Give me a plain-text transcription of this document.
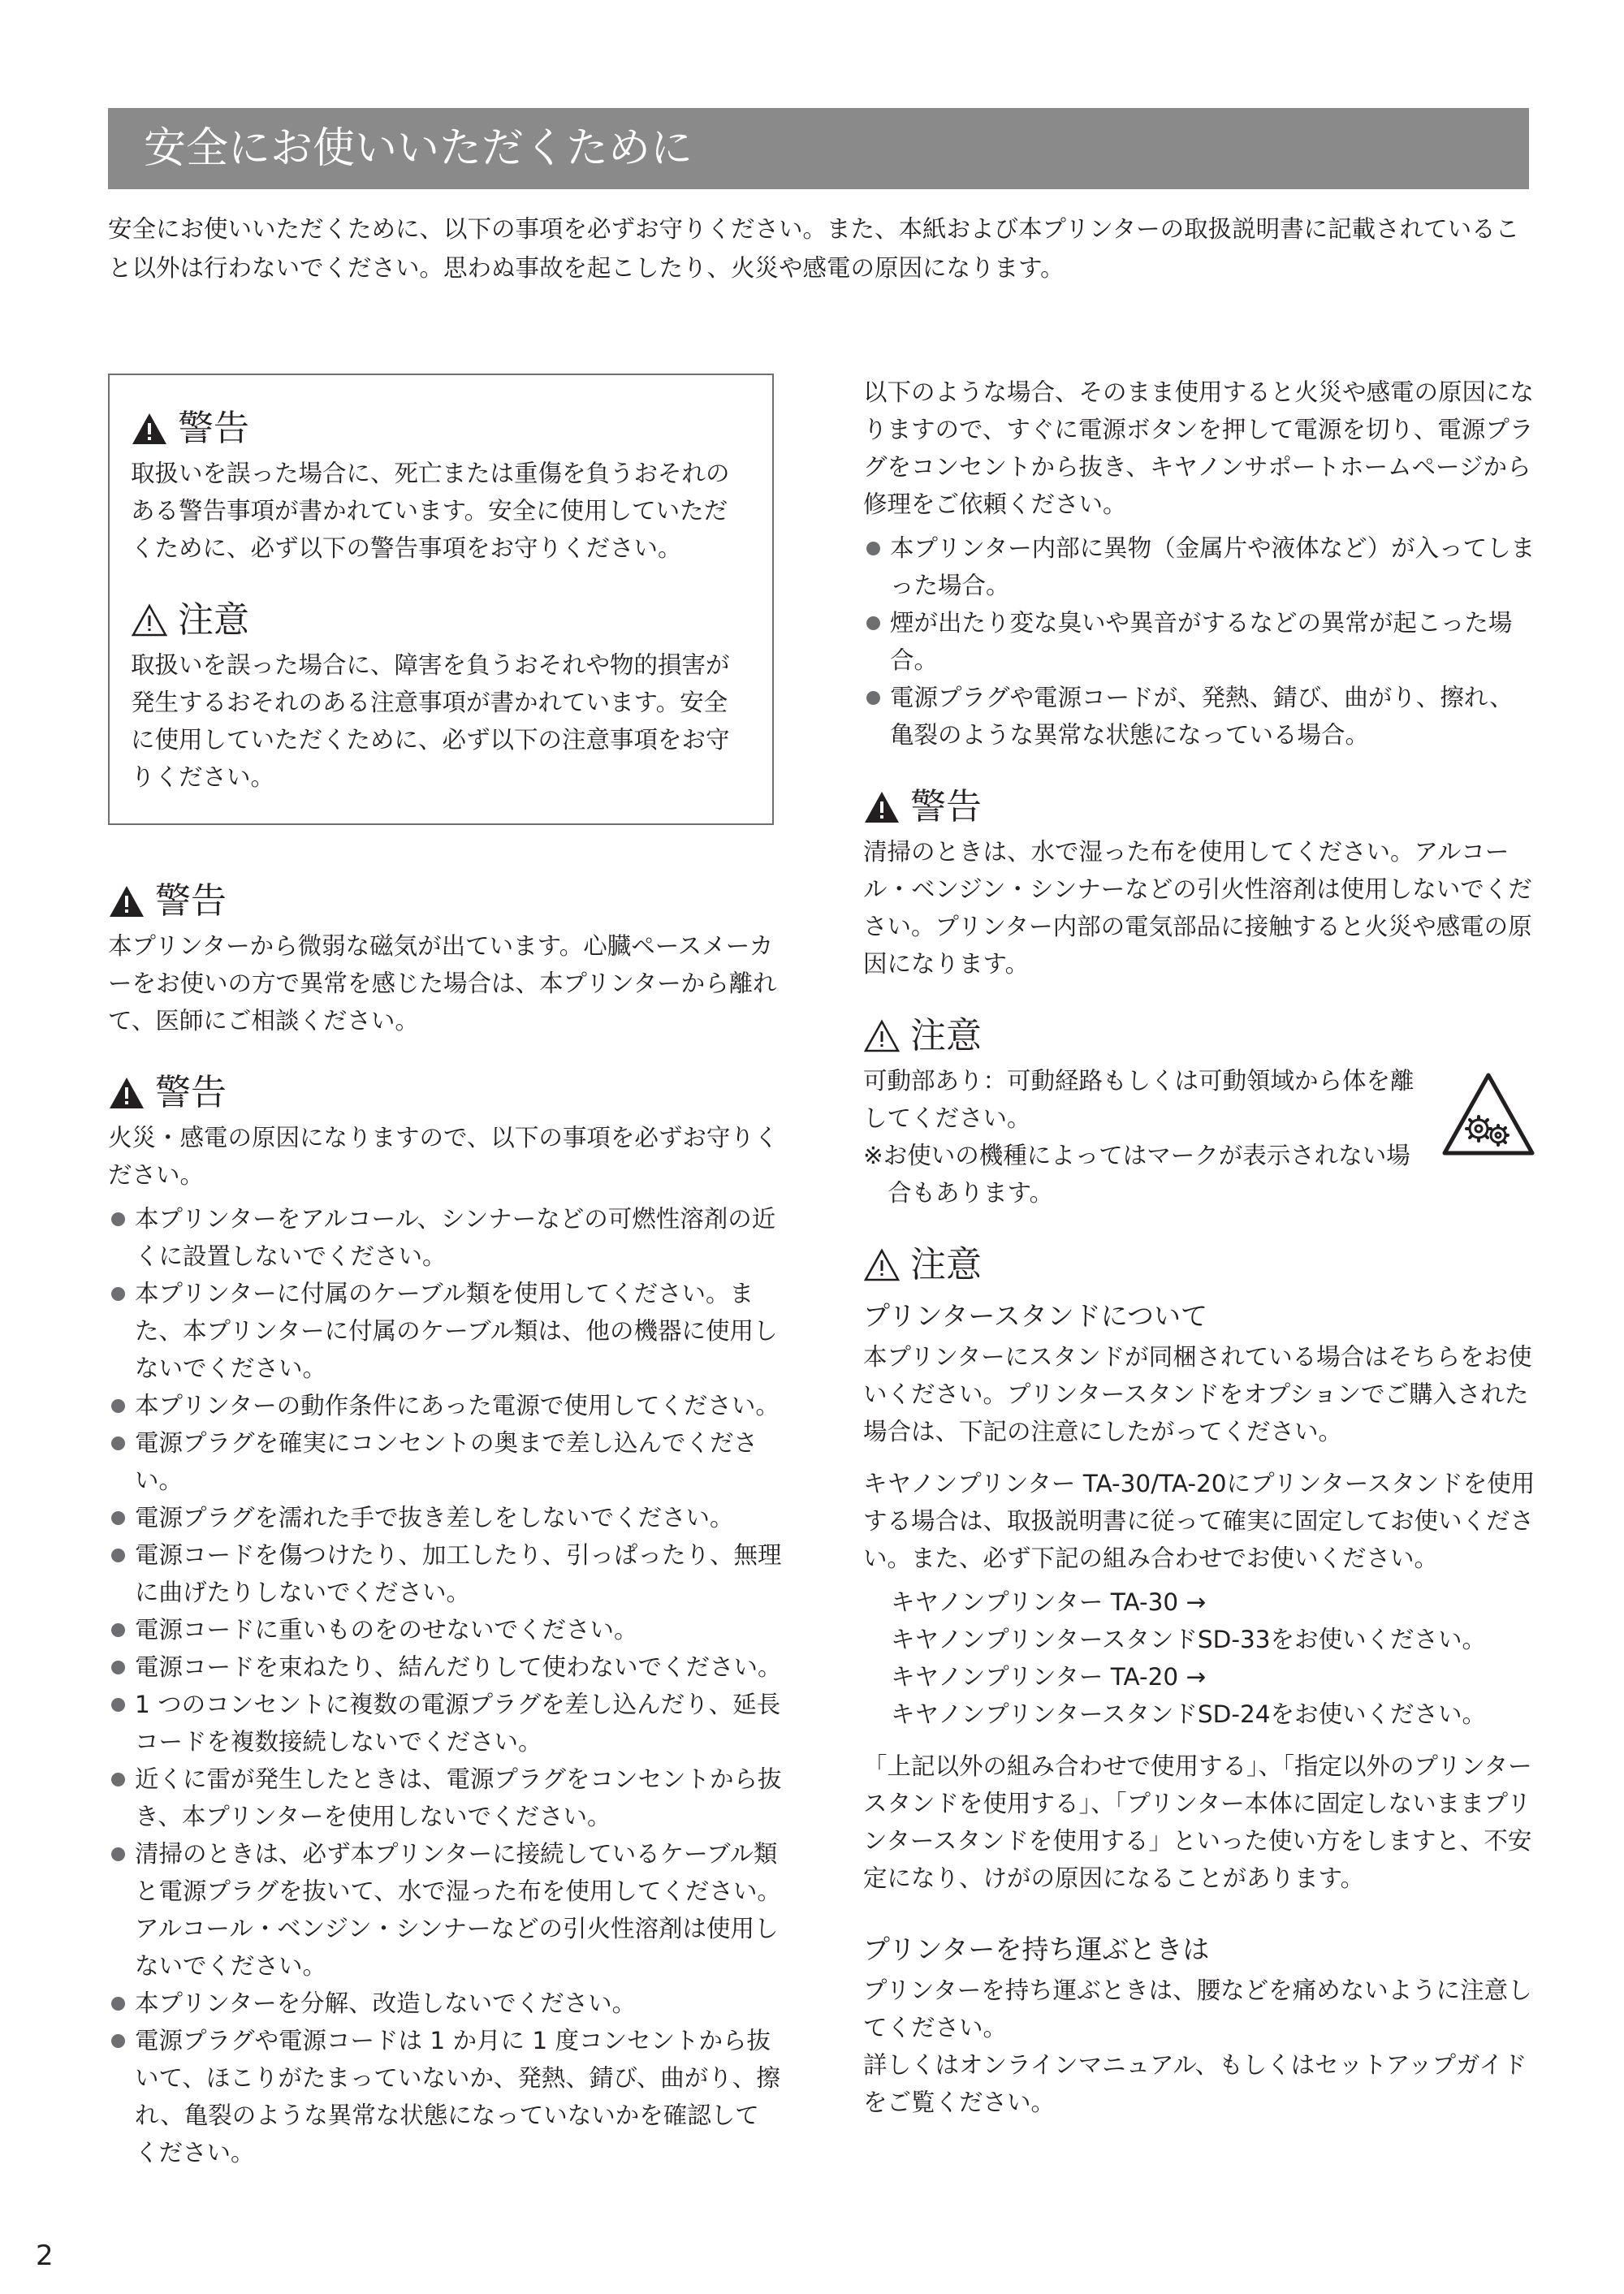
安全にお使いいただくために
安全にお使いいただくために、以下の事項を必ずお守りください。また、本紙および本プリンターの取扱説明書に記載されていること以外は行わないでください。思わぬ事故を起こしたり、火災や感電の原因になります。
警告
取扱いを誤った場合に、死亡または重傷を負うおそれのある警告事項が書かれています。安全に使用していただくために、必ず以下の警告事項をお守りください。
注意
取扱いを誤った場合に、障害を負うおそれや物的損害が発生するおそれのある注意事項が書かれています。安全に使用していただくために、必ず以下の注意事項をお守りください。
警告
本プリンターから微弱な磁気が出ています。心臓ペースメーカーをお使いの方で異常を感じた場合は、本プリンターから離れて、医師にご相談ください。
警告
火災・感電の原因になりますので、以下の事項を必ずお守りください。
本プリンターをアルコール、シンナーなどの可燃性溶剤の近くに設置しないでください。
本プリンターに付属のケーブル類を使用してください。また、本プリンターに付属のケーブル類は、他の機器に使用しないでください。
本プリンターの動作条件にあった電源で使用してください。
電源プラグを確実にコンセントの奥まで差し込んでください。
電源プラグを濡れた手で抜き差しをしないでください。
電源コードを傷つけたり、加工したり、引っぱったり、無理に曲げたりしないでください。
電源コードに重いものをのせないでください。
電源コードを束ねたり、結んだりして使わないでください。
1 つのコンセントに複数の電源プラグを差し込んだり、延長コードを複数接続しないでください。
近くに雷が発生したときは、電源プラグをコンセントから抜き、本プリンターを使用しないでください。
清掃のときは、必ず本プリンターに接続しているケーブル類と電源プラグを抜いて、水で湿った布を使用してください。アルコール・ベンジン・シンナーなどの引火性溶剤は使用しないでください。
本プリンターを分解、改造しないでください。
電源プラグや電源コードは 1 か月に 1 度コンセントから抜いて、ほこりがたまっていないか、発熱、錆び、曲がり、擦れ、亀裂のような異常な状態になっていないかを確認してください。
以下のような場合、そのまま使用すると火災や感電の原因になりますので、すぐに電源ボタンを押して電源を切り、電源プラグをコンセントから抜き、キヤノンサポートホームページから修理をご依頼ください。
本プリンター内部に異物（金属片や液体など）が入ってしまった場合。
煙が出たり変な臭いや異音がするなどの異常が起こった場合。
電源プラグや電源コードが、発熱、錆び、曲がり、擦れ、亀裂のような異常な状態になっている場合。
警告
清掃のときは、水で湿った布を使用してください。アルコール・ベンジン・シンナーなどの引火性溶剤は使用しないでください。プリンター内部の電気部品に接触すると火災や感電の原因になります。
注意
可動部あり：可動経路もしくは可動領域から体を離してください。
※お使いの機種によってはマークが表示されない場合もあります。
注意
プリンタースタンドについて
本プリンターにスタンドが同梱されている場合はそちらをお使いください。プリンタースタンドをオプションでご購入された場合は、下記の注意にしたがってください。
キヤノンプリンター TA-30/TA-20にプリンタースタンドを使用する場合は、取扱説明書に従って確実に固定してお使いください。また、必ず下記の組み合わせでお使いください。
キヤノンプリンター TA-30 →
キヤノンプリンタースタンドSD-33をお使いください。
キヤノンプリンター TA-20 →
キヤノンプリンタースタンドSD-24をお使いください。
「上記以外の組み合わせで使用する」、「指定以外のプリンタースタンドを使用する」、「プリンター本体に固定しないままプリンタースタンドを使用する」といった使い方をしますと、不安定になり、けがの原因になることがあります。
プリンターを持ち運ぶときは
プリンターを持ち運ぶときは、腰などを痛めないように注意してください。
詳しくはオンラインマニュアル、もしくはセットアップガイドをご覧ください。
2
